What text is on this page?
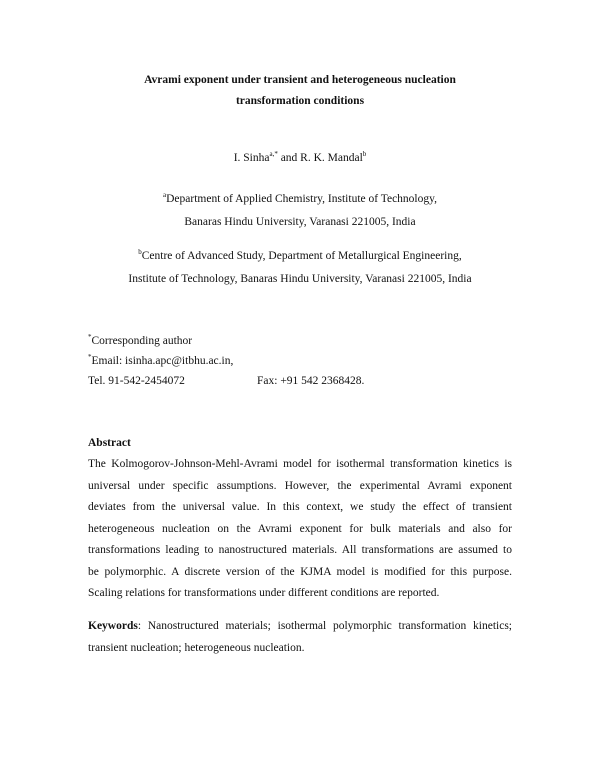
Avrami exponent under transient and heterogeneous nucleation
transformation conditions
I. Sinha$^{a,*}$ and R. K. Mandal$^b$
$^a$Department of Applied Chemistry, Institute of Technology,
Banaras Hindu University, Varanasi 221005, India
$^b$Centre of Advanced Study, Department of Metallurgical Engineering,
Institute of Technology, Banaras Hindu University, Varanasi 221005, India
*Corresponding author
*Email: isinha.apc@itbhu.ac.in,
Tel. 91-542-2454072	Fax: +91 542 2368428.
Abstract
The Kolmogorov-Johnson-Mehl-Avrami model for isothermal transformation kinetics is
universal under specific assumptions. However, the experimental Avrami exponent
deviates from the universal value. In this context, we study the effect of transient
heterogeneous nucleation on the Avrami exponent for bulk materials and also for
transformations leading to nanostructured materials. All transformations are assumed to
be polymorphic. A discrete version of the KJMA model is modified for this purpose.
Scaling relations for transformations under different conditions are reported.
Keywords: Nanostructured materials; isothermal polymorphic transformation kinetics;
transient nucleation; heterogeneous nucleation.
